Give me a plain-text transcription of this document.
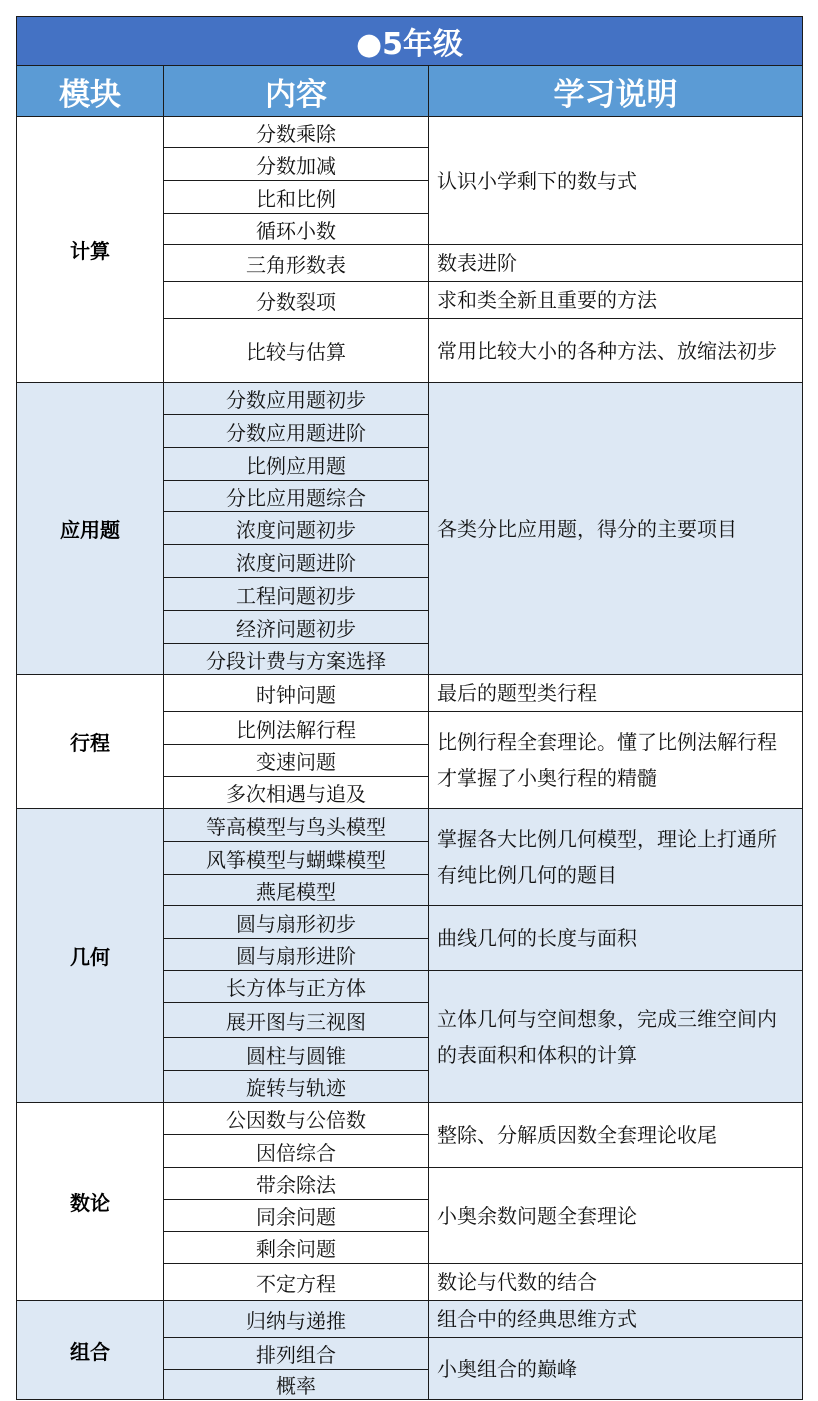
●5年级		
模块	内容	学习说明
计算	分数乘除	认识小学剩下的数与式
	分数加减	
	比和比例	
	循环小数	
	三角形数表	数表进阶
	分数裂项	求和类全新且重要的方法
	比较与估算	常用比较大小的各种方法、放缩法初步
应用题	分数应用题初步	各类分比应用题，得分的主要项目
	分数应用题进阶	
	比例应用题	
	分比应用题综合	
	浓度问题初步	
	浓度问题进阶	
	工程问题初步	
	经济问题初步	
	分段计费与方案选择	
行程	时钟问题	最后的题型类行程
	比例法解行程	比例行程全套理论。懂了比例法解行程才掌握了小奥行程的精髓
	变速问题	
	多次相遇与追及	
几何	等高模型与鸟头模型	掌握各大比例几何模型，理论上打通所有纯比例几何的题目
	风筝模型与蝴蝶模型	
	燕尾模型	
	圆与扇形初步	曲线几何的长度与面积
	圆与扇形进阶	
	长方体与正方体	立体几何与空间想象，完成三维空间内的表面积和体积的计算
	展开图与三视图	
	圆柱与圆锥	
	旋转与轨迹	
数论	公因数与公倍数	整除、分解质因数全套理论收尾
	因倍综合	
	带余除法	小奥余数问题全套理论
	同余问题	
	剩余问题	
	不定方程	数论与代数的结合
组合	归纳与递推	组合中的经典思维方式
	排列组合	小奥组合的巅峰
	概率	
